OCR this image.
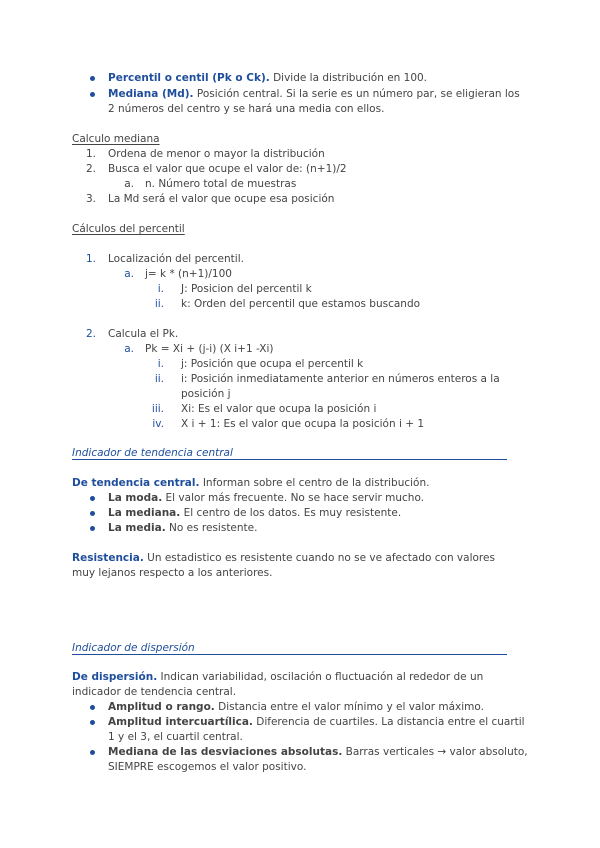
Percentil o centil (Pk o Ck). Divide la distribución en 100.
Mediana (Md). Posición central. Si la serie es un número par, se eligieran los
2 números del centro y se hará una media con ellos.
Calculo mediana
1. Ordena de menor o mayor la distribución
2. Busca el valor que ocupe el valor de: (n+1)/2
a. n. Número total de muestras
3. La Md será el valor que ocupe esa posición
Cálculos del percentil
1. Localización del percentil.
a. j= k * (n+1)/100
i. J: Posicion del percentil k
ii. k: Orden del percentil que estamos buscando
2. Calcula el Pk.
a. Pk = Xi + (j-i) (X i+1 -Xi)
i. j: Posición que ocupa el percentil k
ii. i: Posición inmediatamente anterior en números enteros a la
posición j
iii. Xi: Es el valor que ocupa la posición i
iv. X i + 1: Es el valor que ocupa la posición i + 1
Indicador de tendencia central
De tendencia central. Informan sobre el centro de la distribución.
La moda. El valor más frecuente. No se hace servir mucho.
La mediana. El centro de los datos. Es muy resistente.
La media. No es resistente.
Resistencia. Un estadistico es resistente cuando no se ve afectado con valores
muy lejanos respecto a los anteriores.
Indicador de dispersión
De dispersión. Indican variabilidad, oscilación o fluctuación al rededor de un
indicador de tendencia central.
Amplitud o rango. Distancia entre el valor mínimo y el valor máximo.
Amplitud intercuartílica. Diferencia de cuartiles. La distancia entre el cuartil
1 y el 3, el cuartil central.
Mediana de las desviaciones absolutas. Barras verticales → valor absoluto,
SIEMPRE escogemos el valor positivo.
